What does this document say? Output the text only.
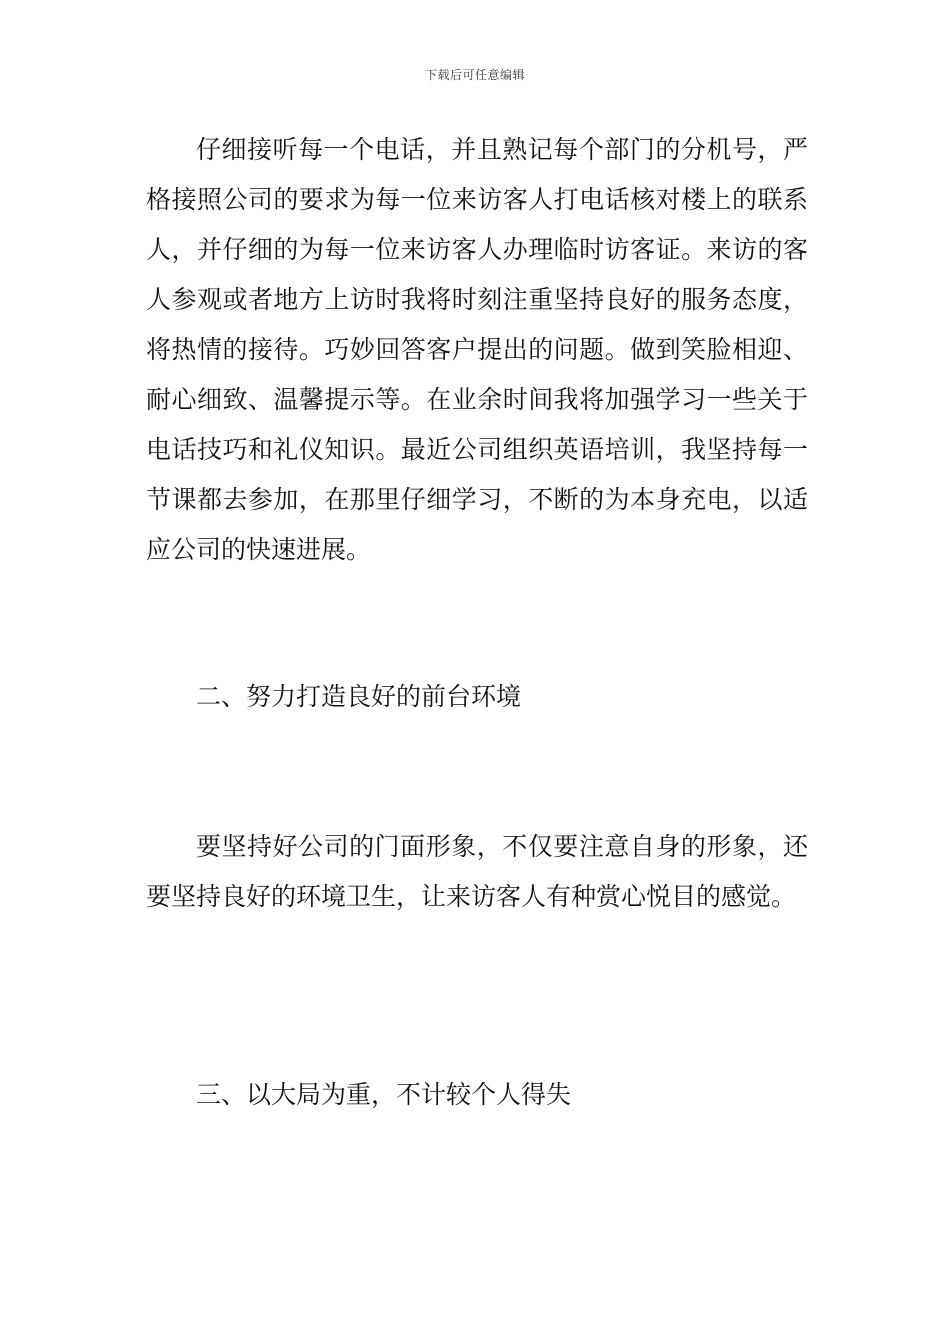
下载后可任意编辑

仔细接听每一个电话，并且熟记每个部门的分机号，严格接照公司的要求为每一位来访客人打电话核对楼上的联系人，并仔细的为每一位来访客人办理临时访客证。来访的客人参观或者地方上访时我将时刻注重坚持良好的服务态度，将热情的接待。巧妙回答客户提出的问题。做到笑脸相迎、耐心细致、温馨提示等。在业余时间我将加强学习一些关于电话技巧和礼仪知识。最近公司组织英语培训，我坚持每一节课都去参加，在那里仔细学习，不断的为本身充电，以适应公司的快速进展。

二、努力打造良好的前台环境

要坚持好公司的门面形象，不仅要注意自身的形象，还要坚持良好的环境卫生，让来访客人有种赏心悦目的感觉。

三、以大局为重，不计较个人得失
